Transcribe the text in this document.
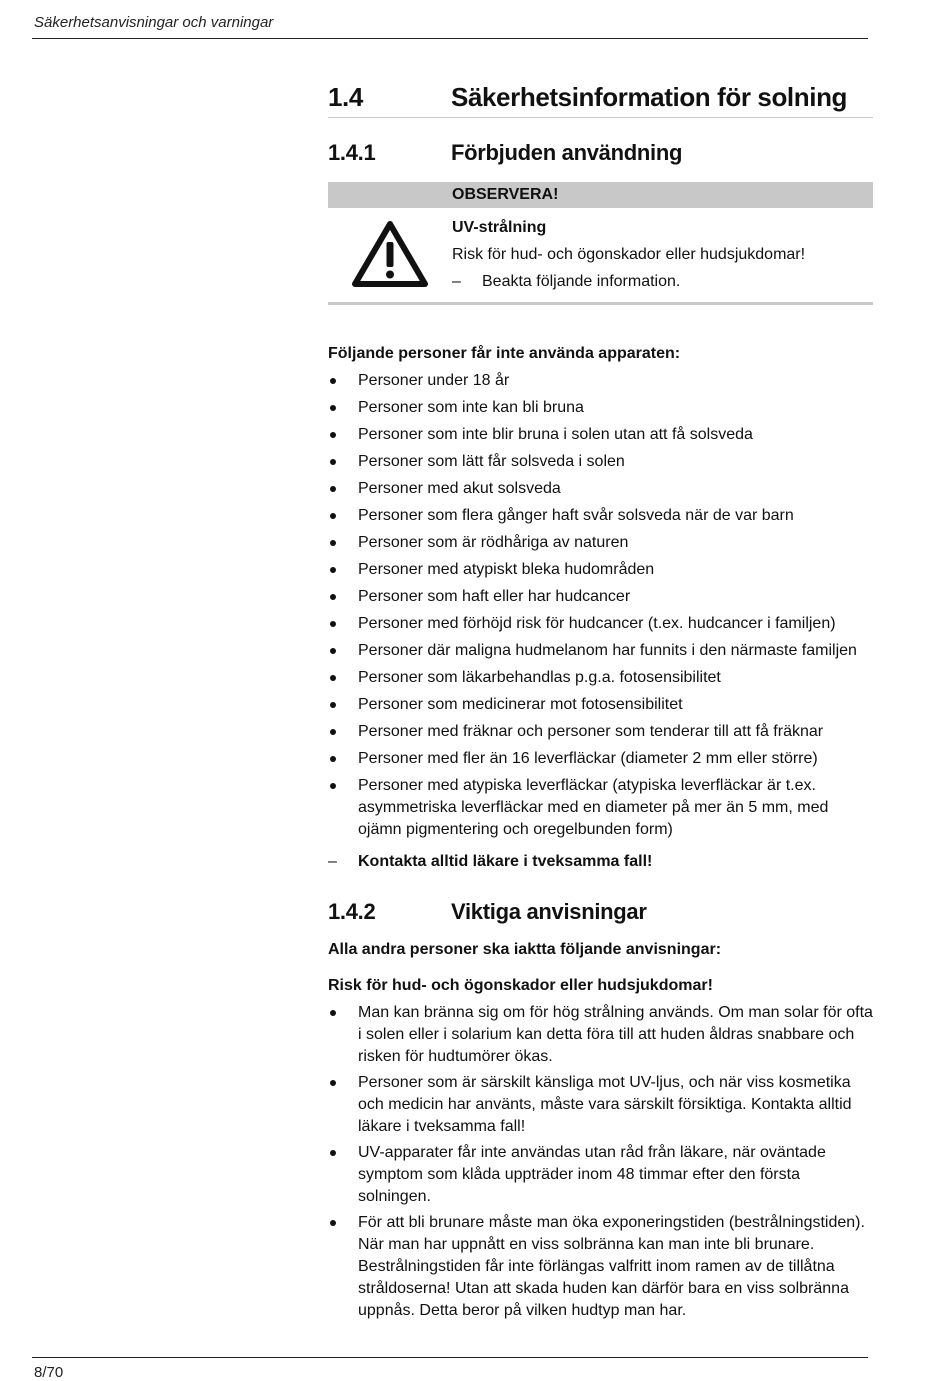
Säkerhetsanvisningar och varningar
1.4	Säkerhetsinformation för solning
1.4.1	Förbjuden användning
OBSERVERA!
UV-strålning
Risk för hud- och ögonskador eller hudsjukdomar!
–	Beakta följande information.
Följande personer får inte använda apparaten:
Personer under 18 år
Personer som inte kan bli bruna
Personer som inte blir bruna i solen utan att få solsveda
Personer som lätt får solsveda i solen
Personer med akut solsveda
Personer som flera gånger haft svår solsveda när de var barn
Personer som är rödhåriga av naturen
Personer med atypiskt bleka hudområden
Personer som haft eller har hudcancer
Personer med förhöjd risk för hudcancer (t.ex. hudcancer i familjen)
Personer där maligna hudmelanom har funnits i den närmaste familjen
Personer som läkarbehandlas p.g.a. fotosensibilitet
Personer som medicinerar mot fotosensibilitet
Personer med fräknar och personer som tenderar till att få fräknar
Personer med fler än 16 leverfläckar (diameter 2 mm eller större)
Personer med atypiska leverfläckar (atypiska leverfläckar är t.ex. asymmetriska leverfläckar med en diameter på mer än 5 mm, med ojämn pigmentering och oregelbunden form)
–	Kontakta alltid läkare i tveksamma fall!
1.4.2	Viktiga anvisningar
Alla andra personer ska iaktta följande anvisningar:
Risk för hud- och ögonskador eller hudsjukdomar!
Man kan bränna sig om för hög strålning används. Om man solar för ofta i solen eller i solarium kan detta föra till att huden åldras snabbare och risken för hudtumörer ökas.
Personer som är särskilt känsliga mot UV-ljus, och när viss kosmetika och medicin har använts, måste vara särskilt försiktiga. Kontakta alltid läkare i tveksamma fall!
UV-apparater får inte användas utan råd från läkare, när oväntade symptom som klåda uppträder inom 48 timmar efter den första solningen.
För att bli brunare måste man öka exponeringstiden (bestrålningstiden). När man har uppnått en viss solbränna kan man inte bli brunare. Bestrålningstiden får inte förlängas valfritt inom ramen av de tillåtna stråldoserna! Utan att skada huden kan därför bara en viss solbränna uppnås. Detta beror på vilken hudtyp man har.
8/70
